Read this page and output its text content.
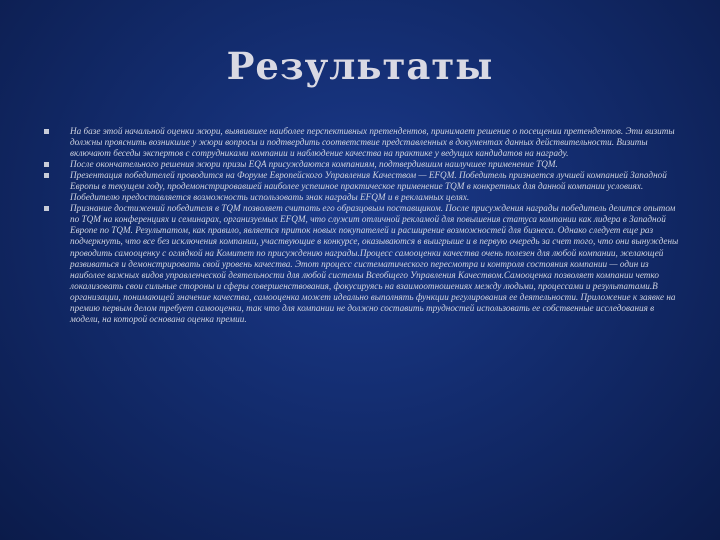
Результаты
На базе этой начальной оценки жюри, выявившее наиболее перспективных претендентов, принимает решение о посещении претендентов. Эти визиты должны прояснить возникшие у жюри вопросы и подтвердить соответствие представленных в документах данных действительности. Визиты включают беседы экспертов с сотрудниками компании и наблюдение качества на практике у ведущих кандидатов на награду.
После окончательного решения жюри призы EQA присуждаются компаниям, подтвердившим наилучшее применение TQM.
Презентация победителей проводится на Форуме Европейского Управления Качеством — EFQM. Победитель признается лучшей компанией Западной Европы в текущем году, продемонстрировавшей наиболее успешное практическое применение TQM в конкретных для данной компании условиях. Победителю предоставляется возможность использовать знак награды EFQM и в рекламных целях.
Признание достижений победителя в TQM позволяет считать его образцовым поставщиком. После присуждения награды победитель делится опытом по TQM на конференциях и семинарах, организуемых EFQM, что служит отличной рекламой для повышения статуса компании как лидера в Западной Европе по TQM. Результатом, как правило, является приток новых покупателей и расширение возможностей для бизнеса. Однако следует еще раз подчеркнуть, что все без исключения компании, участвующие в конкурсе, оказываются в выигрыше и в первую очередь за счет того, что они вынуждены проводить самооценку с оглядкой на Комитет по присуждению награды.Процесс самооценки качества очень полезен для любой компании, желающей развиваться и демонстрировать свой уровень качества. Этот процесс систематического пересмотра и контроля состояния компании — один из наиболее важных видов управленческой деятельности для любой системы Всеобщего Управления Качеством.Самооценка позволяет компании четко локализовать свои сильные стороны и сферы совершенствования, фокусируясь на взаимоотношениях между людьми, процессами и результатами.В организации, понимающей значение качества, самооценка может идеально выполнять функции регулирования ее деятельности. Приложение к заявке на премию первым делом требует самооценки, так что для компании не должно составить трудностей использовать ее собственные исследования в модели, на которой основана оценка премии.
